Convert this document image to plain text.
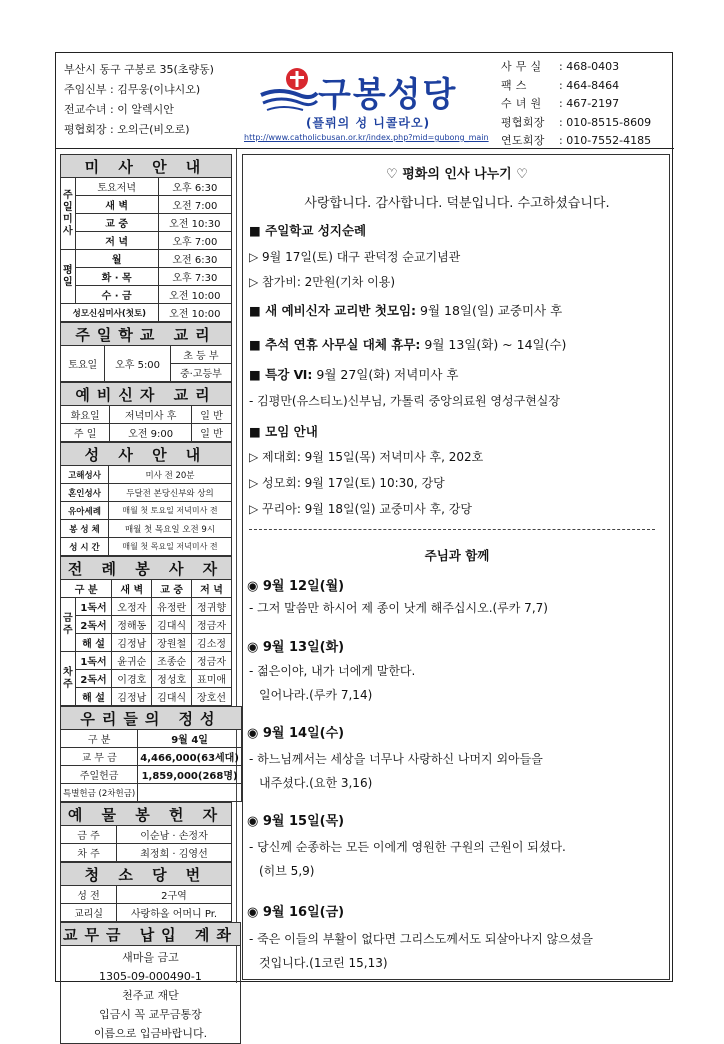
부산시 동구 구봉로 35(초량동)
주임신부 : 김무웅(이냐시오)
전교수녀 : 이 알렉시안
평협회장 : 오의근(비오로)
구봉성당
(플뤼의 성 니콜라오)
http://www.catholicbusan.or.kr/index.php?mid=gubong_main
사 무 실	: 468-0403
팩 스	: 464-8464
수 녀 원	: 467-2197
평협회장	: 010-8515-8609
연도회장	: 010-7552-4185
미 사 안 내		
주
일
미
사	토요저녁	오후 6:30
	새 벽	오전 7:00
	교 중	오전 10:30
	저 녁	오후 7:00
평
일	월	오전 6:30
	화 · 목	오후 7:30
	수 · 금	오전 10:00
성모신심미사(첫토)		오전 10:00
주일학교 교리
토요일	오후 5:00	초 등 부
중·고등부
예비신자 교리		
화요일	저녁미사 후	일 반
주 일	오전 9:00	일 반
성 사 안 내	
고해성사	미사 전 20분
혼인성사	두달전 본당신부와 상의
유아세례	매월 첫 토요일 저녁미사 전
봉 성 체	매월 첫 목요일 오전 9시
성 시 간	매월 첫 목요일 저녁미사 전
전 례 봉 사 자				
구 분		새 벽	교 중	저 녁
금
주	1독서	오정자	유정란	정귀향
	2독서	정해동	김대식	정금자
	해 설	김정남	장원철	김소정
차
주	1독서	윤귀순	조종순	정금자
	2독서	이경호	정성호	표미애
	해 설	김정남	김대식	장호선
우리들의 정성	
구 분	9월 4일
교 무 금	4,466,000(63세대)
주일헌금	1,859,000(268명)
특별헌금 (2차헌금)	
예 물 봉 헌 자	
금 주	이순남 · 손정자
차 주	최정희 · 김영선
청 소 당 번	
성 전	2구역
교리실	사랑하올 어머니 Pr.
교무금 납입 계좌

새마을 금고
1305-09-000490-1
천주교 재단
입금시 꼭 교무금통장
이름으로 입금바랍니다.
♡ 평화의 인사 나누기 ♡
사랑합니다. 감사합니다. 덕분입니다. 수고하셨습니다.
■ 주일학교 성지순례
▷ 9월 17일(토) 대구 관덕정 순교기념관
▷ 참가비: 2만원(기차 이용)
■ 새 예비신자 교리반 첫모임: 9월 18일(일) 교중미사 후
■ 추석 연휴 사무실 대체 휴무: 9월 13일(화) ~ 14일(수)
■ 특강 Ⅵ: 9월 27일(화) 저녁미사 후
- 김평만(유스티노)신부님, 가톨릭 중앙의료원 영성구현실장
■ 모임 안내
▷ 제대회: 9월 15일(목) 저녁미사 후, 202호
▷ 성모회: 9월 17일(토) 10:30, 강당
▷ 꾸리아: 9월 18일(일) 교중미사 후, 강당
주님과 함께
◉ 9월 12일(월)
- 그저 말씀만 하시어 제 종이 낫게 해주십시오.(루카 7,7)
◉ 9월 13일(화)
- 젊은이야, 내가 너에게 말한다.
일어나라.(루카 7,14)
◉ 9월 14일(수)
- 하느님께서는 세상을 너무나 사랑하신 나머지 외아들을
내주셨다.(요한 3,16)
◉ 9월 15일(목)
- 당신께 순종하는 모든 이에게 영원한 구원의 근원이 되셨다.
(히브 5,9)
◉ 9월 16일(금)
- 죽은 이들의 부활이 없다면 그리스도께서도 되살아나지 않으셨을
것입니다.(1코린 15,13)
